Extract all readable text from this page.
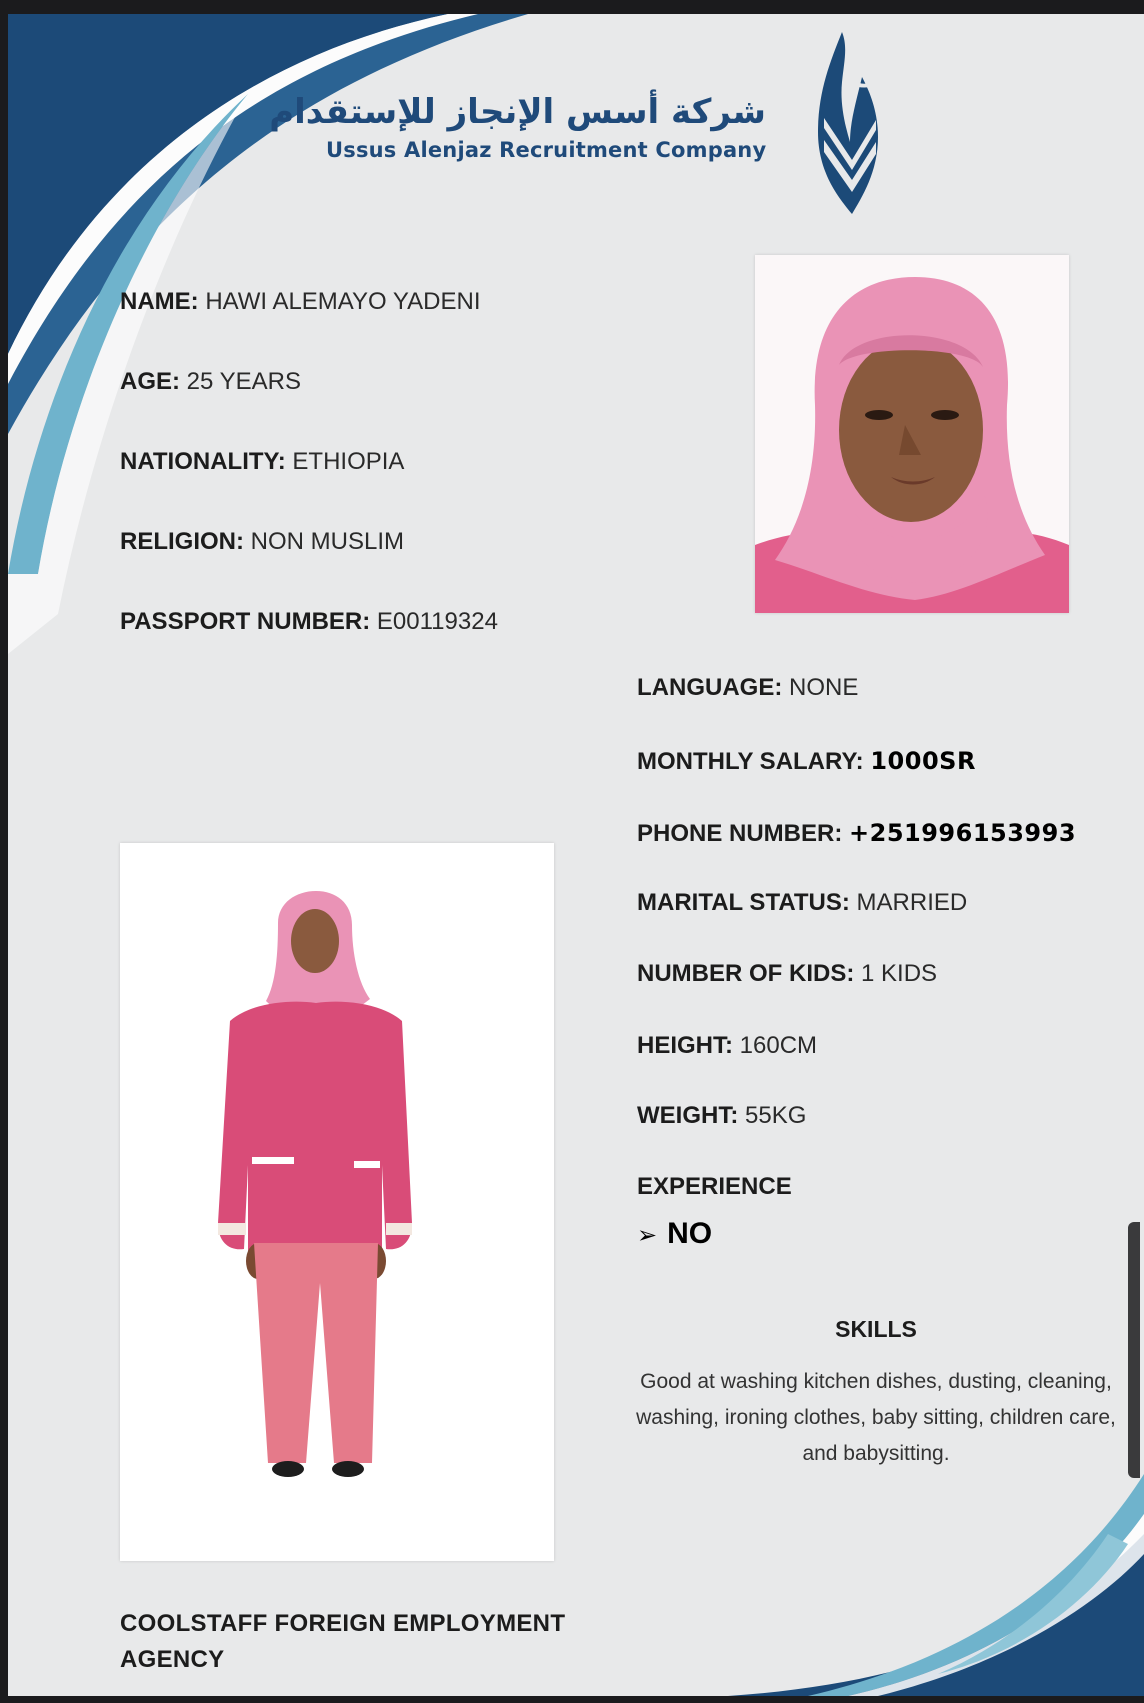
شركة أسس الإنجاز للإستقدام
Ussus Alenjaz Recruitment Company
ع
NAME: HAWI ALEMAYO YADENI
AGE: 25 YEARS
NATIONALITY: ETHIOPIA
RELIGION: NON MUSLIM
PASSPORT NUMBER: E00119324
LANGUAGE: NONE
MONTHLY SALARY: 1000SR
PHONE NUMBER: +251996153993
MARITAL STATUS: MARRIED
NUMBER OF KIDS: 1 KIDS
HEIGHT: 160CM
WEIGHT: 55KG
EXPERIENCE
➢ NO
SKILLS
Good at washing kitchen dishes, dusting, cleaning, washing, ironing clothes, baby sitting, children care, and babysitting.
COOLSTAFF FOREIGN EMPLOYMENT AGENCY
